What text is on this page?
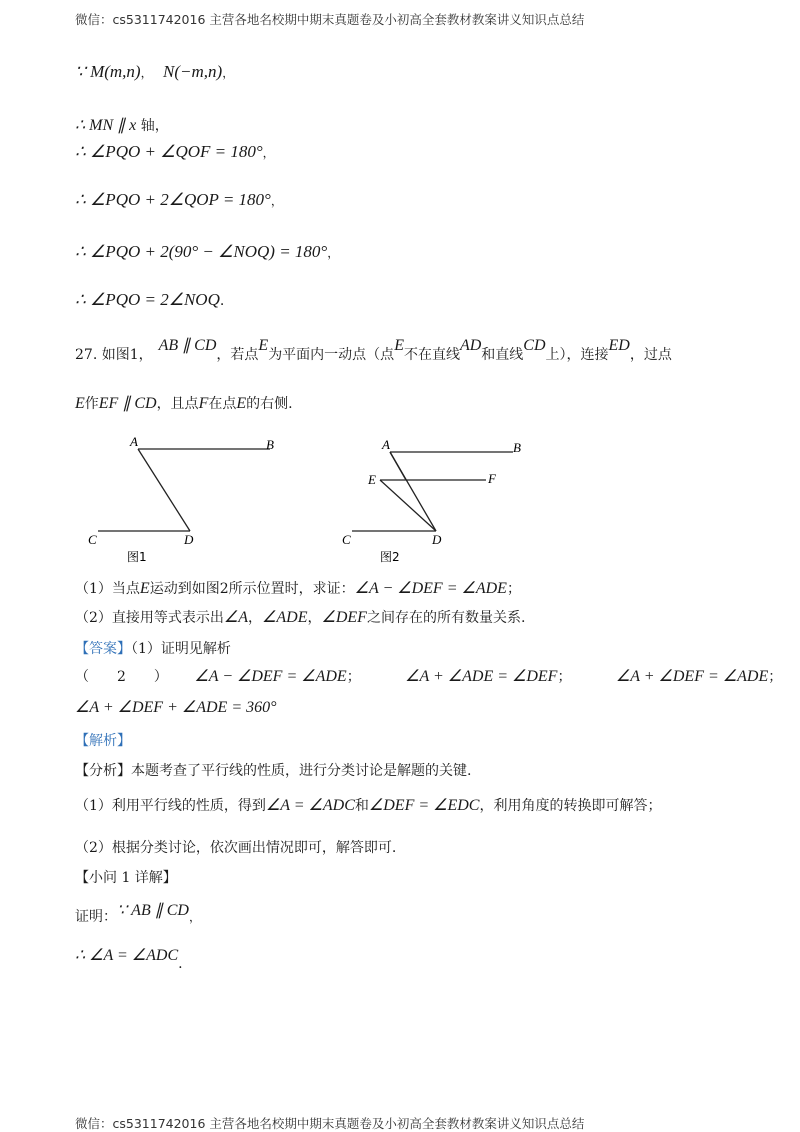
微信：cs5311742016 主营各地名校期中期末真题卷及小初高全套教材教案讲义知识点总结
∵ M(m,n)， N(−m,n)，
∴ MN ∥ x 轴，
∴ ∠PQO + ∠QOF = 180°，
∴ ∠PQO + 2∠QOP = 180°，
∴ ∠PQO + 2(90° − ∠NOQ) = 180°，
∴ ∠PQO = 2∠NOQ.
27. 如图1，AB ∥ CD，若点E为平面内一动点（点E不在直线AD和直线CD上），连接ED，过点
E作EF ∥ CD，且点F在点E的右侧.
A	B
C	D
图1
A	B
E	F
C	D
图2
（1）当点E运动到如图2所示位置时，求证：∠A − ∠DEF = ∠ADE；
（2）直接用等式表示出∠A，∠ADE，∠DEF之间存在的所有数量关系.
【答案】（1）证明见解析
（　　2　　） ∠A − ∠DEF = ∠ADE；	∠A + ∠ADE = ∠DEF；	∠A + ∠DEF = ∠ADE；
∠A + ∠DEF + ∠ADE = 360°
【解析】
【分析】本题考查了平行线的性质，进行分类讨论是解题的关键.
（1）利用平行线的性质，得到∠A = ∠ADC和∠DEF = ∠EDC，利用角度的转换即可解答；
（2）根据分类讨论，依次画出情况即可，解答即可.
【小问 1 详解】
证明：∵ AB ∥ CD，
∴ ∠A = ∠ADC.
微信：cs5311742016 主营各地名校期中期末真题卷及小初高全套教材教案讲义知识点总结
